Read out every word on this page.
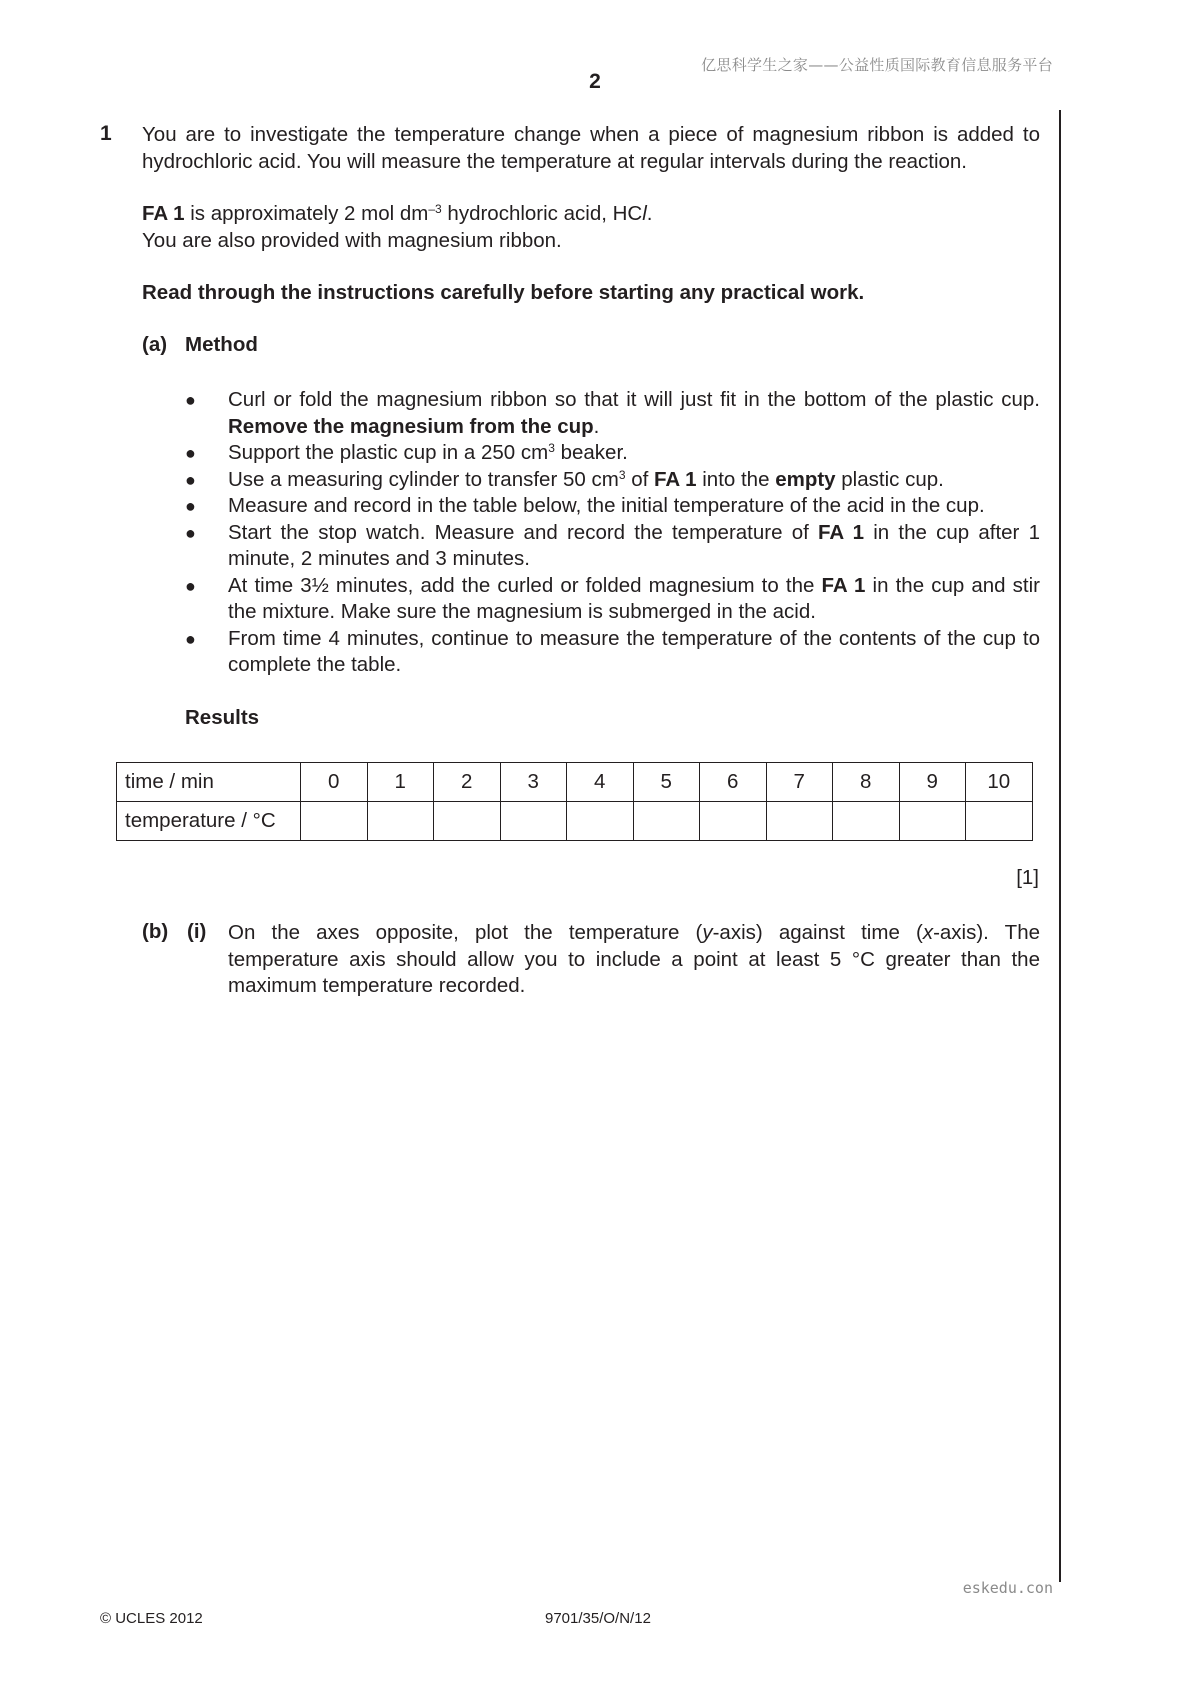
亿思科学生之家——公益性质国际教育信息服务平台
2
1 You are to investigate the temperature change when a piece of magnesium ribbon is added to hydrochloric acid. You will measure the temperature at regular intervals during the reaction.

FA 1 is approximately 2 mol $dm^{-3}$ hydrochloric acid, HCl.

You are also provided with magnesium ribbon.

Read through the instructions carefully before starting any practical work.
(a) Method
● Curl or fold the magnesium ribbon so that it will just fit in the bottom of the plastic cup. Remove the magnesium from the cup.
● Support the plastic cup in a 250 $cm^3$ beaker.
● Use a measuring cylinder to transfer 50 $cm^3$ of FA 1 into the empty plastic cup.
● Measure and record in the table below, the initial temperature of the acid in the cup.
● Start the stop watch. Measure and record the temperature of FA 1 in the cup after 1 minute, 2 minutes and 3 minutes.
● At time 3½ minutes, add the curled or folded magnesium to the FA 1 in the cup and stir the mixture. Make sure the magnesium is submerged in the acid.
● From time 4 minutes, continue to measure the temperature of the contents of the cup to complete the table.
Results
time / min	0	1	2	3	4	5	6	7	8	9	10
temperature / °C											
[1]
(b) (i) On the axes opposite, plot the temperature (y-axis) against time (x-axis). The temperature axis should allow you to include a point at least 5 °C greater than the maximum temperature recorded.
eskedu.con
© UCLES 2012	9701/35/O/N/12
